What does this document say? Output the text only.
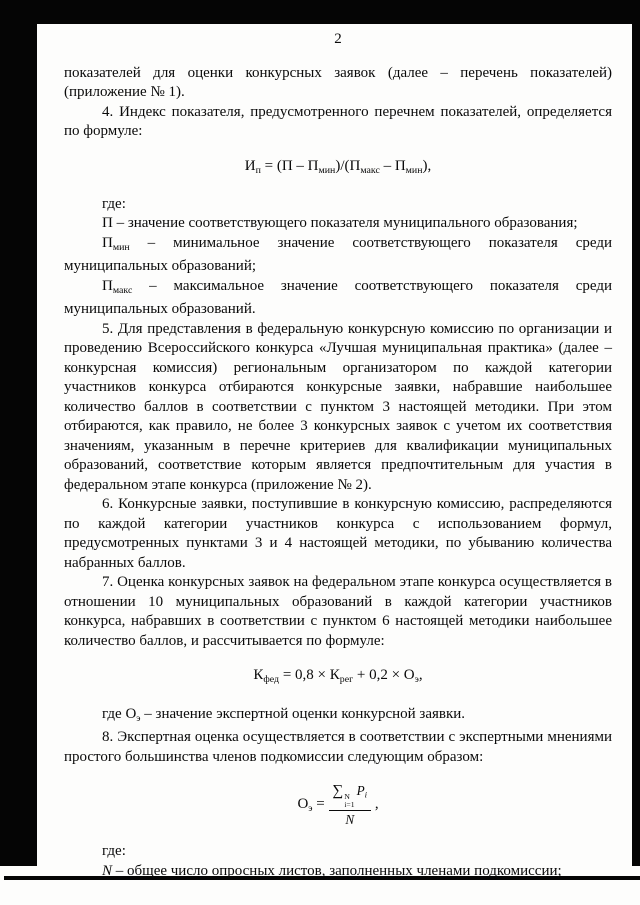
2

показателей для оценки конкурсных заявок (далее – перечень показателей) (приложение № 1).

4. Индекс показателя, предусмотренного перечнем показателей, определяется по формуле:

$И_п = (П - П_{мин})/(П_{макс} - П_{мин})$,

где:

П – значение соответствующего показателя муниципального образования;

$П_{мин}$ – минимальное значение соответствующего показателя среди муниципальных образований;

$П_{макс}$ – максимальное значение соответствующего показателя среди муниципальных образований.

5. Для представления в федеральную конкурсную комиссию по организации и проведению Всероссийского конкурса «Лучшая муниципальная практика» (далее – конкурсная комиссия) региональным организатором по каждой категории участников конкурса отбираются конкурсные заявки, набравшие наибольшее количество баллов в соответствии с пунктом 3 настоящей методики. При этом отбираются, как правило, не более 3 конкурсных заявок с учетом их соответствия значениям, указанным в перечне критериев для квалификации муниципальных образований, соответствие которым является предпочтительным для участия в федеральном этапе конкурса (приложение № 2).

6. Конкурсные заявки, поступившие в конкурсную комиссию, распределяются по каждой категории участников конкурса с использованием формул, предусмотренных пунктами 3 и 4 настоящей методики, по убыванию количества набранных баллов.

7. Оценка конкурсных заявок на федеральном этапе конкурса осуществляется в отношении 10 муниципальных образований в каждой категории участников конкурса, набравших в соответствии с пунктом 6 настоящей методики наибольшее количество баллов, и рассчитывается по формуле:

$К_{фед} = 0,8 \times К_{рег} + 0,2 \times О_э$,

где $О_э$ – значение экспертной оценки конкурсной заявки.

8. Экспертная оценка осуществляется в соответствии с экспертными мнениями простого большинства членов подкомиссии следующим образом:

$О_э$ = ∑ N
i=1
$P_i$
N ,

где:

N – общее число опросных листов, заполненных членами подкомиссии;
